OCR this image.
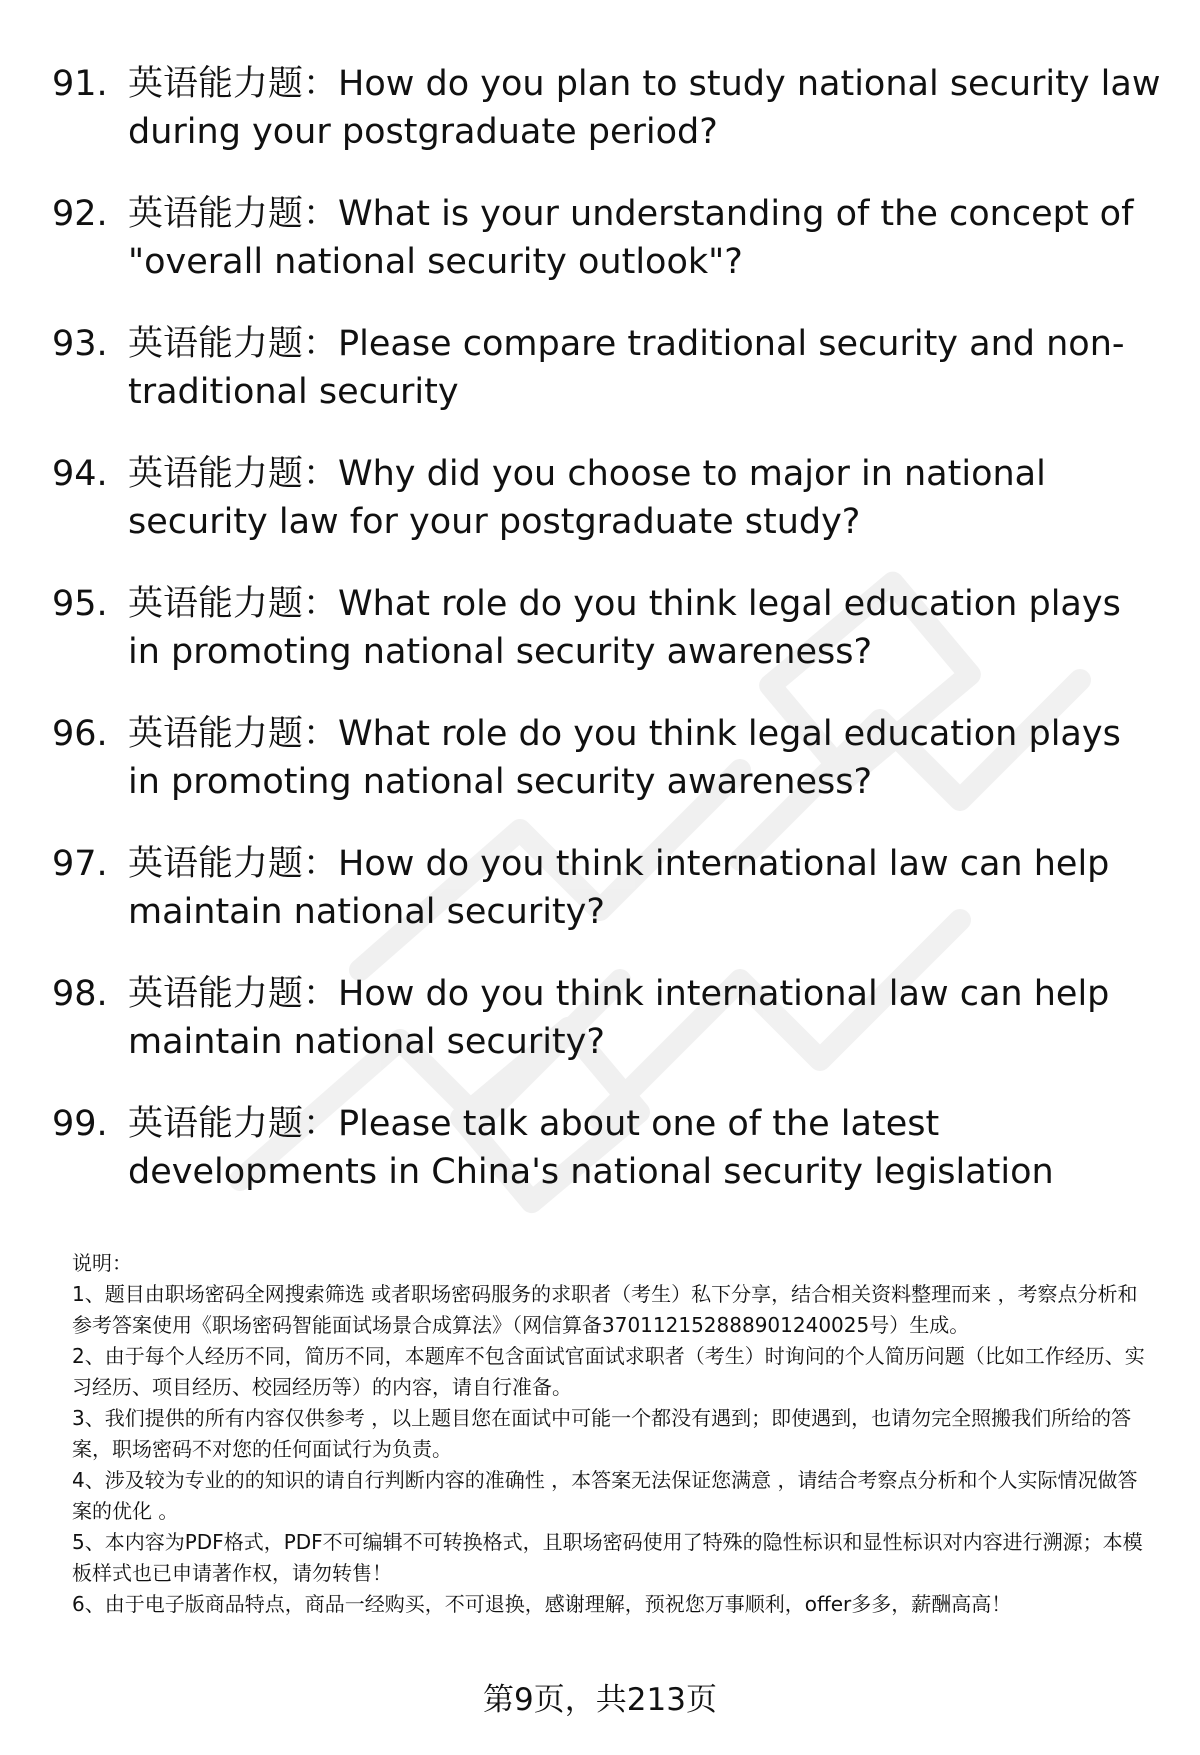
91. 英语能力题：How do you plan to study national security law during your postgraduate period?
92. 英语能力题：What is your understanding of the concept of "overall national security outlook"?
93. 英语能力题：Please compare traditional security and non-traditional security
94. 英语能力题：Why did you choose to major in national security law for your postgraduate study?
95. 英语能力题：What role do you think legal education plays in promoting national security awareness?
96. 英语能力题：What role do you think legal education plays in promoting national security awareness?
97. 英语能力题：How do you think international law can help maintain national security?
98. 英语能力题：How do you think international law can help maintain national security?
99. 英语能力题：Please talk about one of the latest developments in China's national security legislation
说明：
1、题目由职场密码全网搜索筛选 或者职场密码服务的求职者（考生）私下分享，结合相关资料整理而来 ，考察点分析和参考答案使用《职场密码智能面试场景合成算法》（网信算备370112152888901240025号）生成。
2、由于每个人经历不同，简历不同，本题库不包含面试官面试求职者（考生）时询问的个人简历问题（比如工作经历、实习经历、项目经历、校园经历等）的内容，请自行准备。
3、我们提供的所有内容仅供参考 ，以上题目您在面试中可能一个都没有遇到；即使遇到，也请勿完全照搬我们所给的答案，职场密码不对您的任何面试行为负责。
4、涉及较为专业的的知识的请自行判断内容的准确性 ，本答案无法保证您满意 ，请结合考察点分析和个人实际情况做答案的优化 。
5、本内容为PDF格式，PDF不可编辑不可转换格式，且职场密码使用了特殊的隐性标识和显性标识对内容进行溯源；本模板样式也已申请著作权，请勿转售！
6、由于电子版商品特点，商品一经购买，不可退换，感谢理解，预祝您万事顺利，offer多多，薪酬高高！
第9页，共213页
